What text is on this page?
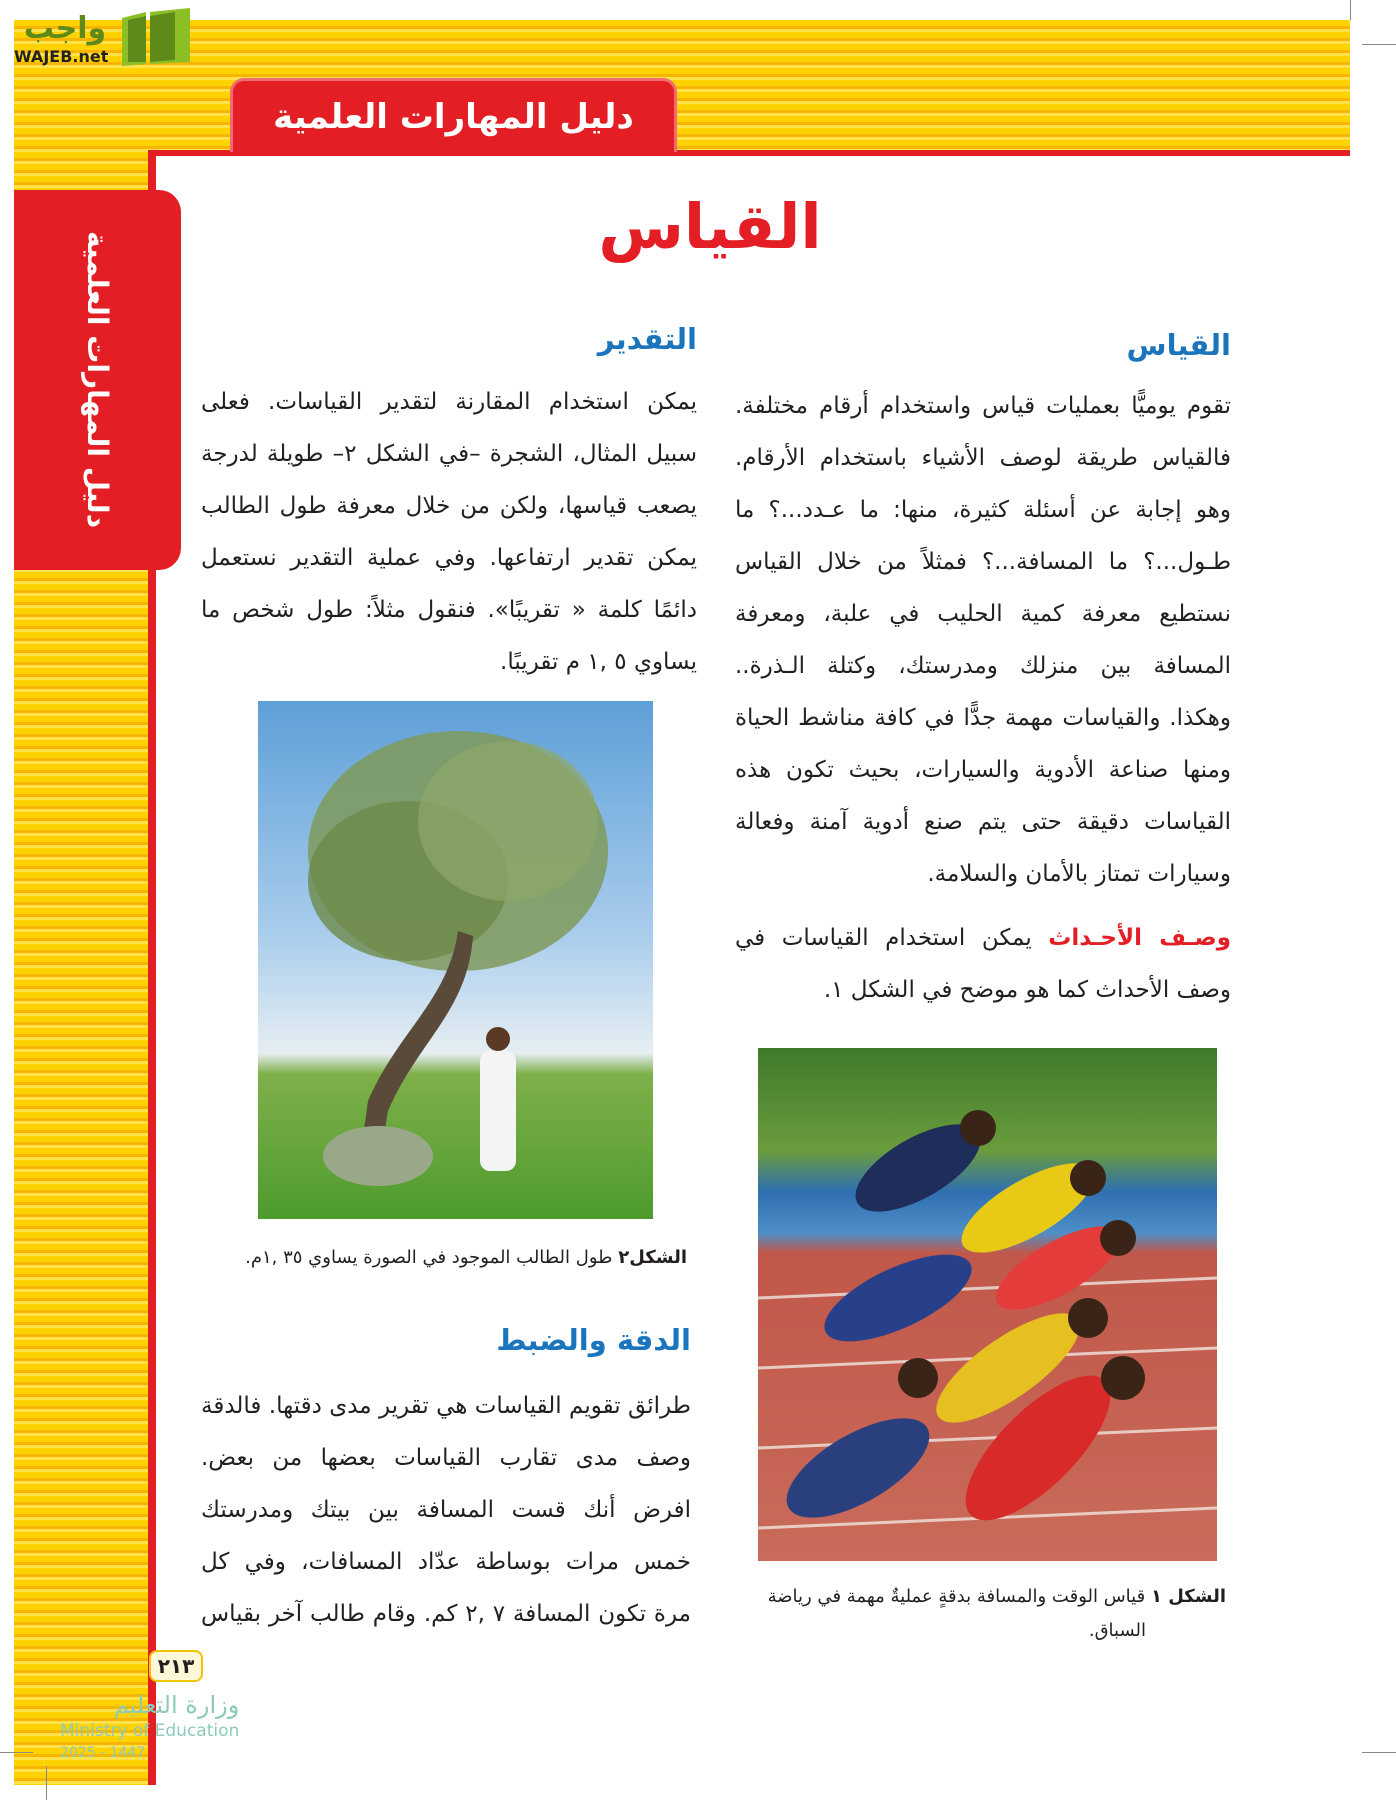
واجب
WAJEB.net
دليل المهارات العلمية
دليل المهارات العلمية
القياس
القياس
تقوم يوميًّا بعمليات قياس واستخدام أرقام مختلفة.
فالقياس طريقة لوصف الأشياء باستخدام الأرقام.
وهو إجابة عن أسئلة كثيرة، منها: ما عـدد...؟ ما
طـول...؟ ما المسافة...؟ فمثلاً من خلال القياس
نستطيع معرفة كمية الحليب في علبة، ومعرفة
المسافة بين منزلك ومدرستك، وكتلة الـذرة..
وهكذا. والقياسات مهمة جدًّا في كافة مناشط الحياة
ومنها صناعة الأدوية والسيارات، بحيث تكون هذه
القياسات دقيقة حتى يتم صنع أدوية آمنة وفعالة
وسيارات تمتاز بالأمان والسلامة.
وصـف الأحـداث يمكن استخدام القياسات في
وصف الأحداث كما هو موضح في الشكل ١.
الشكل ١ قياس الوقت والمسافة بدقةٍ عمليةٌ مهمة في رياضة
السباق.
التقدير
يمكن استخدام المقارنة لتقدير القياسات. فعلى
سبيل المثال، الشجرة –في الشكل ٢– طويلة لدرجة
يصعب قياسها، ولكن من خلال معرفة طول الطالب
يمكن تقدير ارتفاعها. وفي عملية التقدير نستعمل
دائمًا كلمة « تقريبًا». فنقول مثلاً: طول شخص ما
يساوي ٥ ,١ م تقريبًا.
الشكل٢ طول الطالب الموجود في الصورة يساوي ٣٥ ,١م.
الدقة والضبط
طرائق تقويم القياسات هي تقرير مدى دقتها. فالدقة
وصف مدى تقارب القياسات بعضها من بعض.
افرض أنك قست المسافة بين بيتك ومدرستك
خمس مرات بوساطة عدّاد المسافات، وفي كل
مرة تكون المسافة ٧ ,٢ كم. وقام طالب آخر بقياس
٢١٣
وزارة التعليم
Ministry of Education
2025 - 1447
